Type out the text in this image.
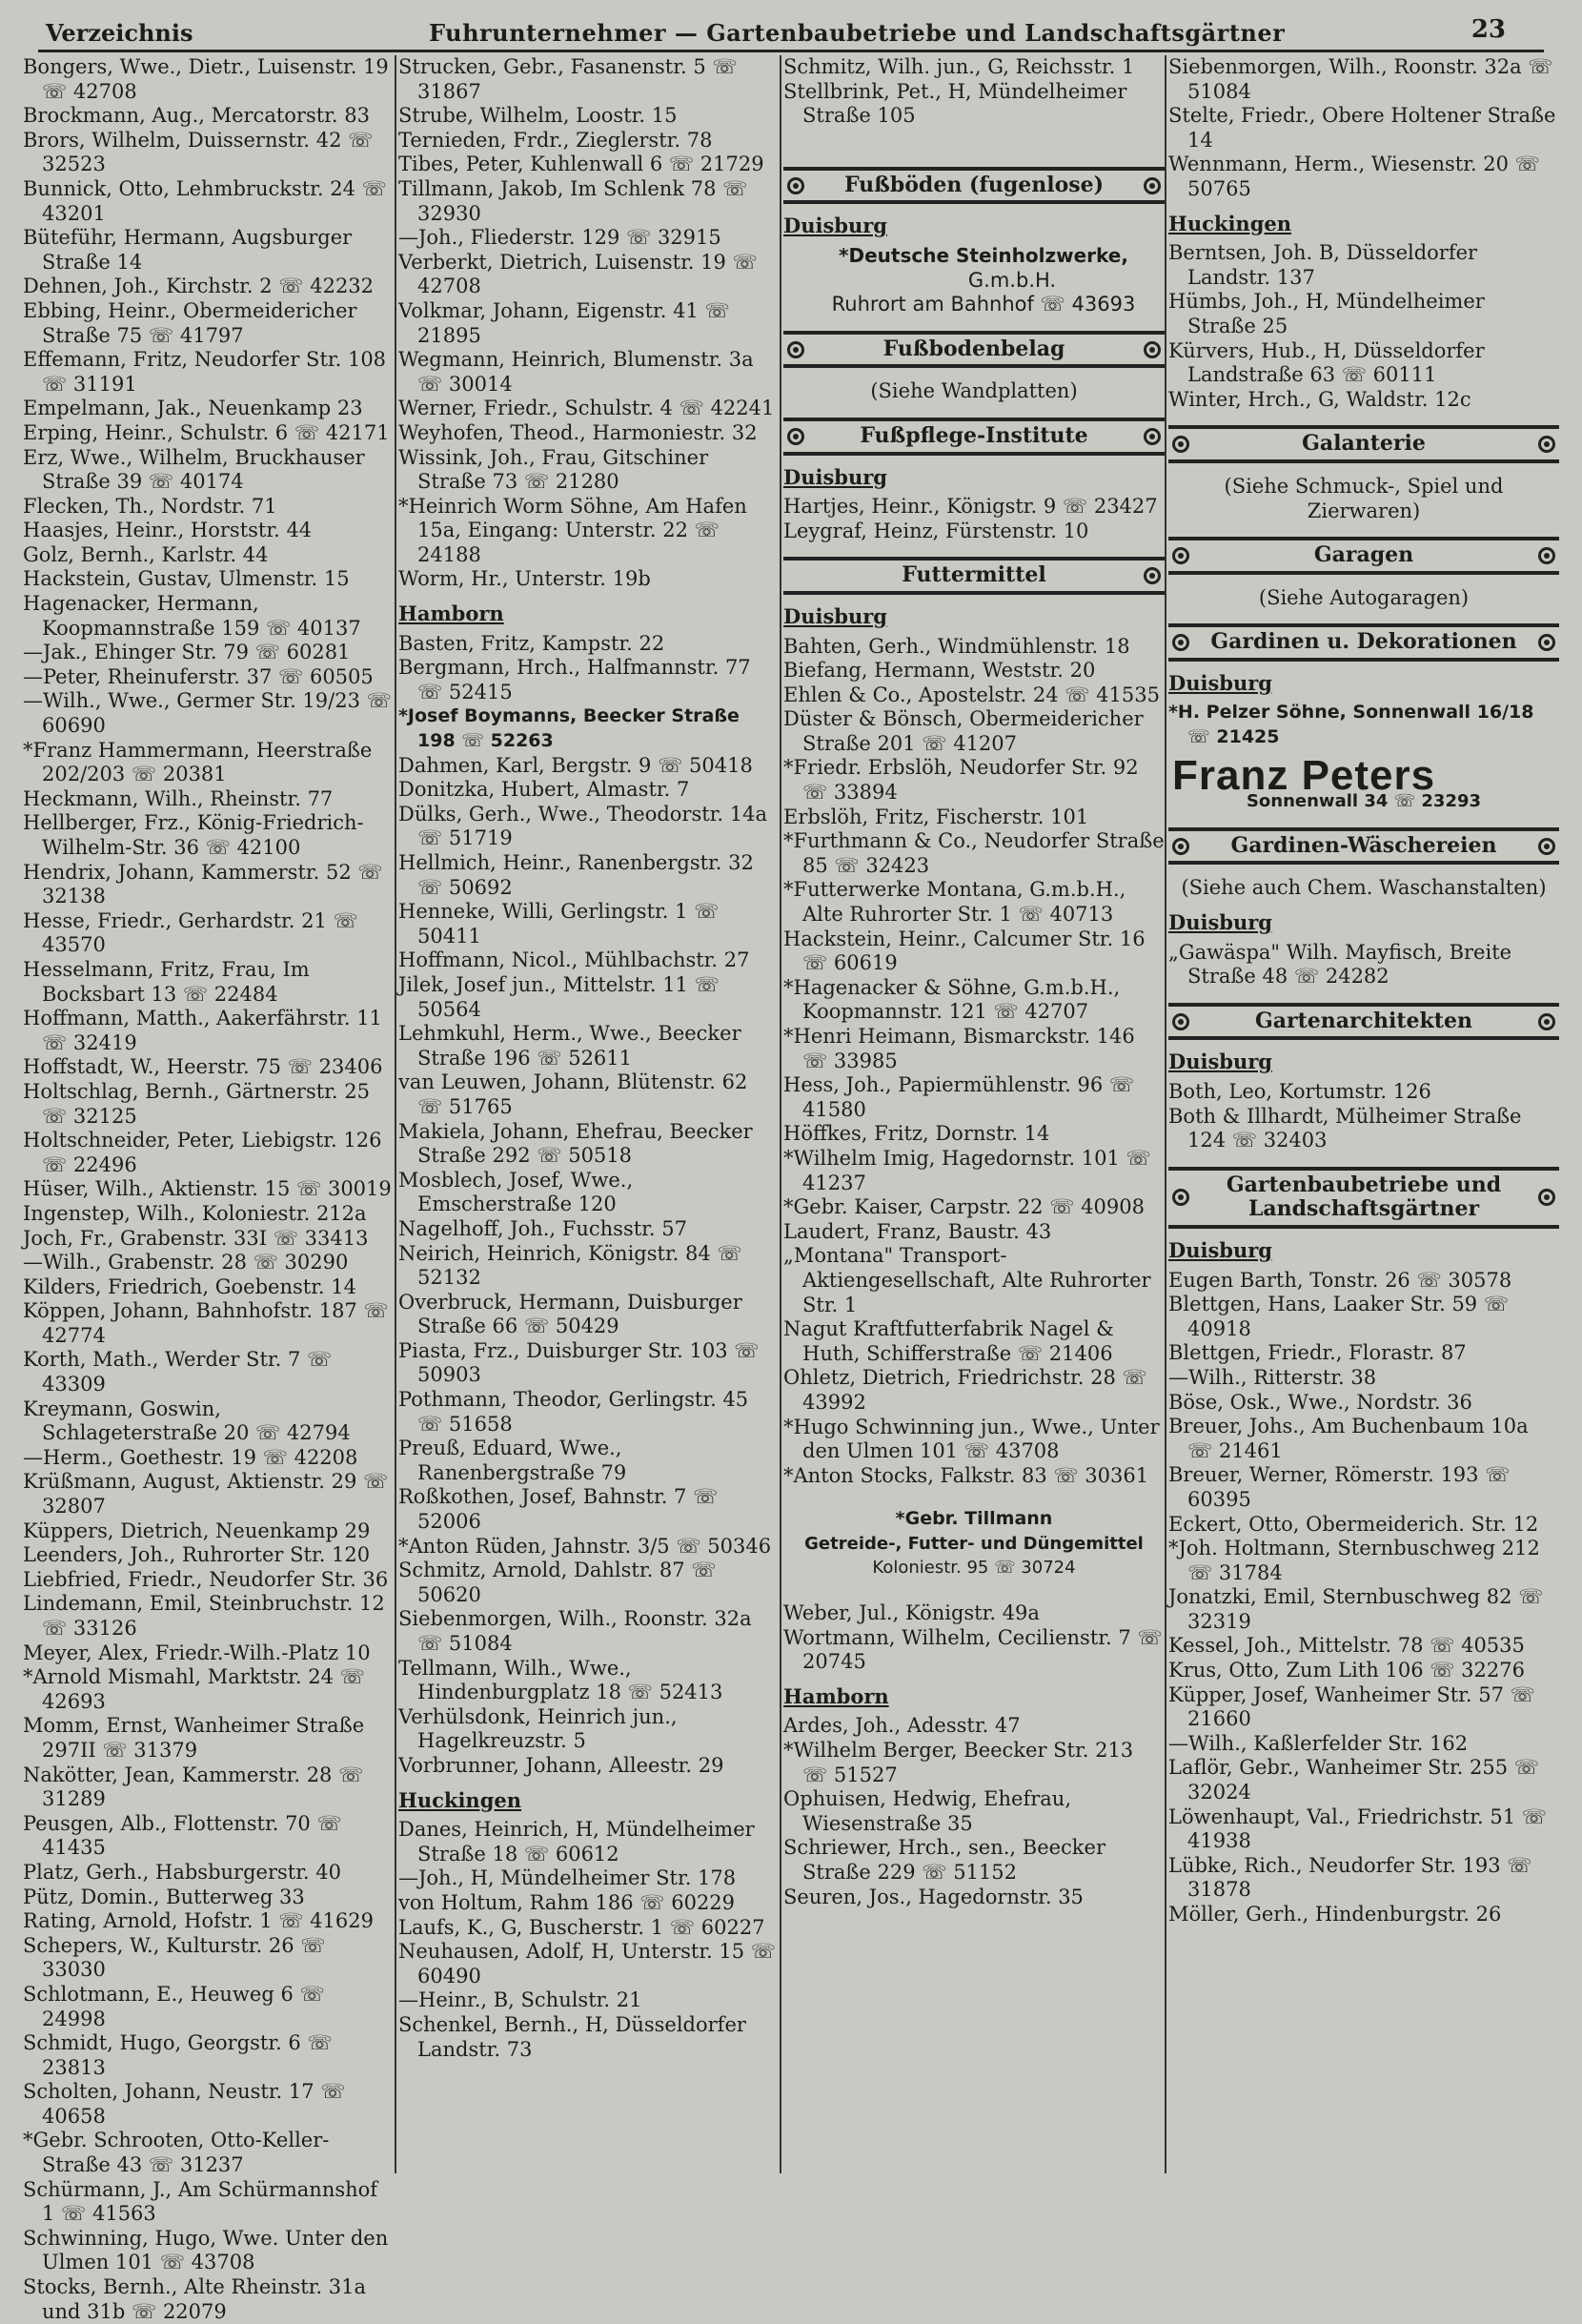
Verzeichnis	Fuhrunternehmer — Gartenbaubetriebe und Landschaftsgärtner	23
Bongers, Wwe., Dietr., Luisenstr. 19 ☏ 42708
Brockmann, Aug., Mercatorstr. 83
Brors, Wilhelm, Duissernstr. 42 ☏ 32523
Bunnick, Otto, Lehmbruckstr. 24 ☏ 43201
Büteführ, Hermann, Augsburger Straße 14
Dehnen, Joh., Kirchstr. 2 ☏ 42232
Ebbing, Heinr., Obermeidericher Straße 75 ☏ 41797
Effemann, Fritz, Neudorfer Str. 108 ☏ 31191
Empelmann, Jak., Neuenkamp 23
Erping, Heinr., Schulstr. 6 ☏ 42171
Erz, Wwe., Wilhelm, Bruckhauser Straße 39 ☏ 40174
Flecken, Th., Nordstr. 71
Haasjes, Heinr., Horststr. 44
Golz, Bernh., Karlstr. 44
Hackstein, Gustav, Ulmenstr. 15
Hagenacker, Hermann, Koopmannstraße 159 ☏ 40137
—Jak., Ehinger Str. 79 ☏ 60281
—Peter, Rheinuferstr. 37 ☏ 60505
—Wilh., Wwe., Germer Str. 19/23 ☏ 60690
*Franz Hammermann, Heerstraße 202/203 ☏ 20381
Heckmann, Wilh., Rheinstr. 77
Hellberger, Frz., König-Friedrich-Wilhelm-Str. 36 ☏ 42100
Hendrix, Johann, Kammerstr. 52 ☏ 32138
Hesse, Friedr., Gerhardstr. 21 ☏ 43570
Hesselmann, Fritz, Frau, Im Bocksbart 13 ☏ 22484
Hoffmann, Matth., Aakerfährstr. 11 ☏ 32419
Hoffstadt, W., Heerstr. 75 ☏ 23406
Holtschlag, Bernh., Gärtnerstr. 25 ☏ 32125
Holtschneider, Peter, Liebigstr. 126 ☏ 22496
Hüser, Wilh., Aktienstr. 15 ☏ 30019
Ingenstep, Wilh., Koloniestr. 212a
Joch, Fr., Grabenstr. 33I ☏ 33413
—Wilh., Grabenstr. 28 ☏ 30290
Kilders, Friedrich, Goebenstr. 14
Köppen, Johann, Bahnhofstr. 187 ☏ 42774
Korth, Math., Werder Str. 7 ☏ 43309
Kreymann, Goswin, Schlageterstraße 20 ☏ 42794
—Herm., Goethestr. 19 ☏ 42208
Krüßmann, August, Aktienstr. 29 ☏ 32807
Küppers, Dietrich, Neuenkamp 29
Leenders, Joh., Ruhrorter Str. 120
Liebfried, Friedr., Neudorfer Str. 36
Lindemann, Emil, Steinbruchstr. 12 ☏ 33126
Meyer, Alex, Friedr.-Wilh.-Platz 10
*Arnold Mismahl, Marktstr. 24 ☏ 42693
Momm, Ernst, Wanheimer Straße 297II ☏ 31379
Nakötter, Jean, Kammerstr. 28 ☏ 31289
Peusgen, Alb., Flottenstr. 70 ☏ 41435
Platz, Gerh., Habsburgerstr. 40
Pütz, Domin., Butterweg 33
Rating, Arnold, Hofstr. 1 ☏ 41629
Schepers, W., Kulturstr. 26 ☏ 33030
Schlotmann, E., Heuweg 6 ☏ 24998
Schmidt, Hugo, Georgstr. 6 ☏ 23813
Scholten, Johann, Neustr. 17 ☏ 40658
*Gebr. Schrooten, Otto-Keller-Straße 43 ☏ 31237
Schürmann, J., Am Schürmannshof 1 ☏ 41563
Schwinning, Hugo, Wwe. Unter den Ulmen 101 ☏ 43708
Stocks, Bernh., Alte Rheinstr. 31a und 31b ☏ 22079
Strucken, Gebr., Fasanenstr. 5 ☏ 31867
Strube, Wilhelm, Loostr. 15
Ternieden, Frdr., Zieglerstr. 78
Tibes, Peter, Kuhlenwall 6 ☏ 21729
Tillmann, Jakob, Im Schlenk 78 ☏ 32930
—Joh., Fliederstr. 129 ☏ 32915
Verberkt, Dietrich, Luisenstr. 19 ☏ 42708
Volkmar, Johann, Eigenstr. 41 ☏ 21895
Wegmann, Heinrich, Blumenstr. 3a ☏ 30014
Werner, Friedr., Schulstr. 4 ☏ 42241
Weyhofen, Theod., Harmoniestr. 32
Wissink, Joh., Frau, Gitschiner Straße 73 ☏ 21280
*Heinrich Worm Söhne, Am Hafen 15a, Eingang: Unterstr. 22 ☏ 24188
Worm, Hr., Unterstr. 19b
Hamborn
Basten, Fritz, Kampstr. 22
Bergmann, Hrch., Halfmannstr. 77 ☏ 52415
*Josef Boymanns, Beecker Straße 198 ☏ 52263
Dahmen, Karl, Bergstr. 9 ☏ 50418
Donitzka, Hubert, Almastr. 7
Dülks, Gerh., Wwe., Theodorstr. 14a ☏ 51719
Hellmich, Heinr., Ranenbergstr. 32 ☏ 50692
Henneke, Willi, Gerlingstr. 1 ☏ 50411
Hoffmann, Nicol., Mühlbachstr. 27
Jilek, Josef jun., Mittelstr. 11 ☏ 50564
Lehmkuhl, Herm., Wwe., Beecker Straße 196 ☏ 52611
van Leuwen, Johann, Blütenstr. 62 ☏ 51765
Makiela, Johann, Ehefrau, Beecker Straße 292 ☏ 50518
Mosblech, Josef, Wwe., Emscherstraße 120
Nagelhoff, Joh., Fuchsstr. 57
Neirich, Heinrich, Königstr. 84 ☏ 52132
Overbruck, Hermann, Duisburger Straße 66 ☏ 50429
Piasta, Frz., Duisburger Str. 103 ☏ 50903
Pothmann, Theodor, Gerlingstr. 45 ☏ 51658
Preuß, Eduard, Wwe., Ranenbergstraße 79
Roßkothen, Josef, Bahnstr. 7 ☏ 52006
*Anton Rüden, Jahnstr. 3/5 ☏ 50346
Schmitz, Arnold, Dahlstr. 87 ☏ 50620
Siebenmorgen, Wilh., Roonstr. 32a ☏ 51084
Tellmann, Wilh., Wwe., Hindenburgplatz 18 ☏ 52413
Verhülsdonk, Heinrich jun., Hagelkreuzstr. 5
Vorbrunner, Johann, Alleestr. 29
Huckingen
Danes, Heinrich, H, Mündelheimer Straße 18 ☏ 60612
—Joh., H, Mündelheimer Str. 178
von Holtum, Rahm 186 ☏ 60229
Laufs, K., G, Buscherstr. 1 ☏ 60227
Neuhausen, Adolf, H, Unterstr. 15 ☏ 60490
—Heinr., B, Schulstr. 21
Schenkel, Bernh., H, Düsseldorfer Landstr. 73
Schmitz, Wilh. jun., G, Reichsstr. 1
Stellbrink, Pet., H, Mündelheimer Straße 105
Fußböden (fugenlose)
Duisburg
*Deutsche Steinholzwerke,
G.m.b.H.
Ruhrort am Bahnhof ☏ 43693
Fußbodenbelag
(Siehe Wandplatten)
Fußpflege-Institute
Duisburg
Hartjes, Heinr., Königstr. 9 ☏ 23427
Leygraf, Heinz, Fürstenstr. 10
Futtermittel
Duisburg
Bahten, Gerh., Windmühlenstr. 18
Biefang, Hermann, Weststr. 20
Ehlen & Co., Apostelstr. 24 ☏ 41535
Düster & Bönsch, Obermeidericher Straße 201 ☏ 41207
*Friedr. Erbslöh, Neudorfer Str. 92 ☏ 33894
Erbslöh, Fritz, Fischerstr. 101
*Furthmann & Co., Neudorfer Straße 85 ☏ 32423
*Futterwerke Montana, G.m.b.H., Alte Ruhrorter Str. 1 ☏ 40713
Hackstein, Heinr., Calcumer Str. 16 ☏ 60619
*Hagenacker & Söhne, G.m.b.H., Koopmannstr. 121 ☏ 42707
*Henri Heimann, Bismarckstr. 146 ☏ 33985
Hess, Joh., Papiermühlenstr. 96 ☏ 41580
Höffkes, Fritz, Dornstr. 14
*Wilhelm Imig, Hagedornstr. 101 ☏ 41237
*Gebr. Kaiser, Carpstr. 22 ☏ 40908
Laudert, Franz, Baustr. 43
„Montana" Transport-Aktiengesellschaft, Alte Ruhrorter Str. 1
Nagut Kraftfutterfabrik Nagel & Huth, Schifferstraße ☏ 21406
Ohletz, Dietrich, Friedrichstr. 28 ☏ 43992
*Hugo Schwinning jun., Wwe., Unter den Ulmen 101 ☏ 43708
*Anton Stocks, Falkstr. 83 ☏ 30361
*Gebr. Tillmann
Getreide-, Futter- und Düngemittel
Koloniestr. 95 ☏ 30724
Weber, Jul., Königstr. 49a
Wortmann, Wilhelm, Cecilienstr. 7 ☏ 20745
Hamborn
Ardes, Joh., Adesstr. 47
*Wilhelm Berger, Beecker Str. 213 ☏ 51527
Ophuisen, Hedwig, Ehefrau, Wiesenstraße 35
Schriewer, Hrch., sen., Beecker Straße 229 ☏ 51152
Seuren, Jos., Hagedornstr. 35
Siebenmorgen, Wilh., Roonstr. 32a ☏ 51084
Stelte, Friedr., Obere Holtener Straße 14
Wennmann, Herm., Wiesenstr. 20 ☏ 50765
Huckingen
Berntsen, Joh. B, Düsseldorfer Landstr. 137
Hümbs, Joh., H, Mündelheimer Straße 25
Kürvers, Hub., H, Düsseldorfer Landstraße 63 ☏ 60111
Winter, Hrch., G, Waldstr. 12c
Galanterie
(Siehe Schmuck-, Spiel und Zierwaren)
Garagen
(Siehe Autogaragen)
Gardinen u. Dekorationen
Duisburg
*H. Pelzer Söhne, Sonnenwall 16/18 ☏ 21425
Franz Peters
Sonnenwall 34 ☏ 23293
Gardinen-Wäschereien
(Siehe auch Chem. Waschanstalten)
Duisburg
„Gawäspa" Wilh. Mayfisch, Breite Straße 48 ☏ 24282
Gartenarchitekten
Duisburg
Both, Leo, Kortumstr. 126
Both & Illhardt, Mülheimer Straße 124 ☏ 32403
Gartenbaubetriebe und
Landschaftsgärtner
Duisburg
Eugen Barth, Tonstr. 26 ☏ 30578
Blettgen, Hans, Laaker Str. 59 ☏ 40918
Blettgen, Friedr., Florastr. 87
—Wilh., Ritterstr. 38
Böse, Osk., Wwe., Nordstr. 36
Breuer, Johs., Am Buchenbaum 10a ☏ 21461
Breuer, Werner, Römerstr. 193 ☏ 60395
Eckert, Otto, Obermeiderich. Str. 12
*Joh. Holtmann, Sternbuschweg 212 ☏ 31784
Jonatzki, Emil, Sternbuschweg 82 ☏ 32319
Kessel, Joh., Mittelstr. 78 ☏ 40535
Krus, Otto, Zum Lith 106 ☏ 32276
Küpper, Josef, Wanheimer Str. 57 ☏ 21660
—Wilh., Kaßlerfelder Str. 162
Laflör, Gebr., Wanheimer Str. 255 ☏ 32024
Löwenhaupt, Val., Friedrichstr. 51 ☏ 41938
Lübke, Rich., Neudorfer Str. 193 ☏ 31878
Möller, Gerh., Hindenburgstr. 26
